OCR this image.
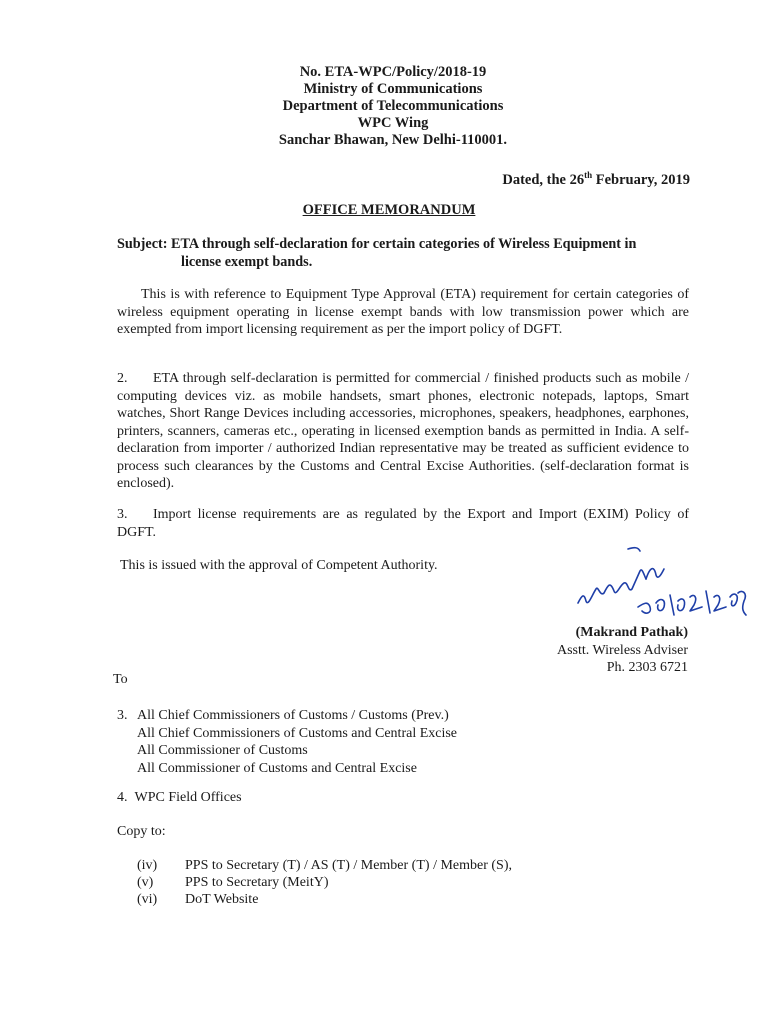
No. ETA-WPC/Policy/2018-19
Ministry of Communications
Department of Telecommunications
WPC Wing
Sanchar Bhawan, New Delhi-110001.
Dated, the 26th February, 2019
OFFICE MEMORANDUM
Subject: ETA through self-declaration for certain categories of Wireless Equipment in
license exempt bands.
This is with reference to Equipment Type Approval (ETA) requirement for certain categories of wireless equipment operating in license exempt bands with low transmission power which are exempted from import licensing requirement as per the import policy of DGFT.
2. ETA through self-declaration is permitted for commercial / finished products such as mobile / computing devices viz. as mobile handsets, smart phones, electronic notepads, laptops, Smart watches, Short Range Devices including accessories, microphones, speakers, headphones, earphones, printers, scanners, cameras etc., operating in licensed exemption bands as permitted in India. A self-declaration from importer / authorized Indian representative may be treated as sufficient evidence to process such clearances by the Customs and Central Excise Authorities. (self-declaration format is enclosed).
3. Import license requirements are as regulated by the Export and Import (EXIM) Policy of DGFT.
This is issued with the approval of Competent Authority.
26/02/2019
(Makrand Pathak)
Asstt. Wireless Adviser
Ph. 2303 6721
To
3. All Chief Commissioners of Customs / Customs (Prev.)
All Chief Commissioners of Customs and Central Excise
All Commissioner of Customs
All Commissioner of Customs and Central Excise
4. WPC Field Offices
Copy to:
(iv)	PPS to Secretary (T) / AS (T) / Member (T) / Member (S),
(v)	PPS to Secretary (MeitY)
(vi)	DoT Website
